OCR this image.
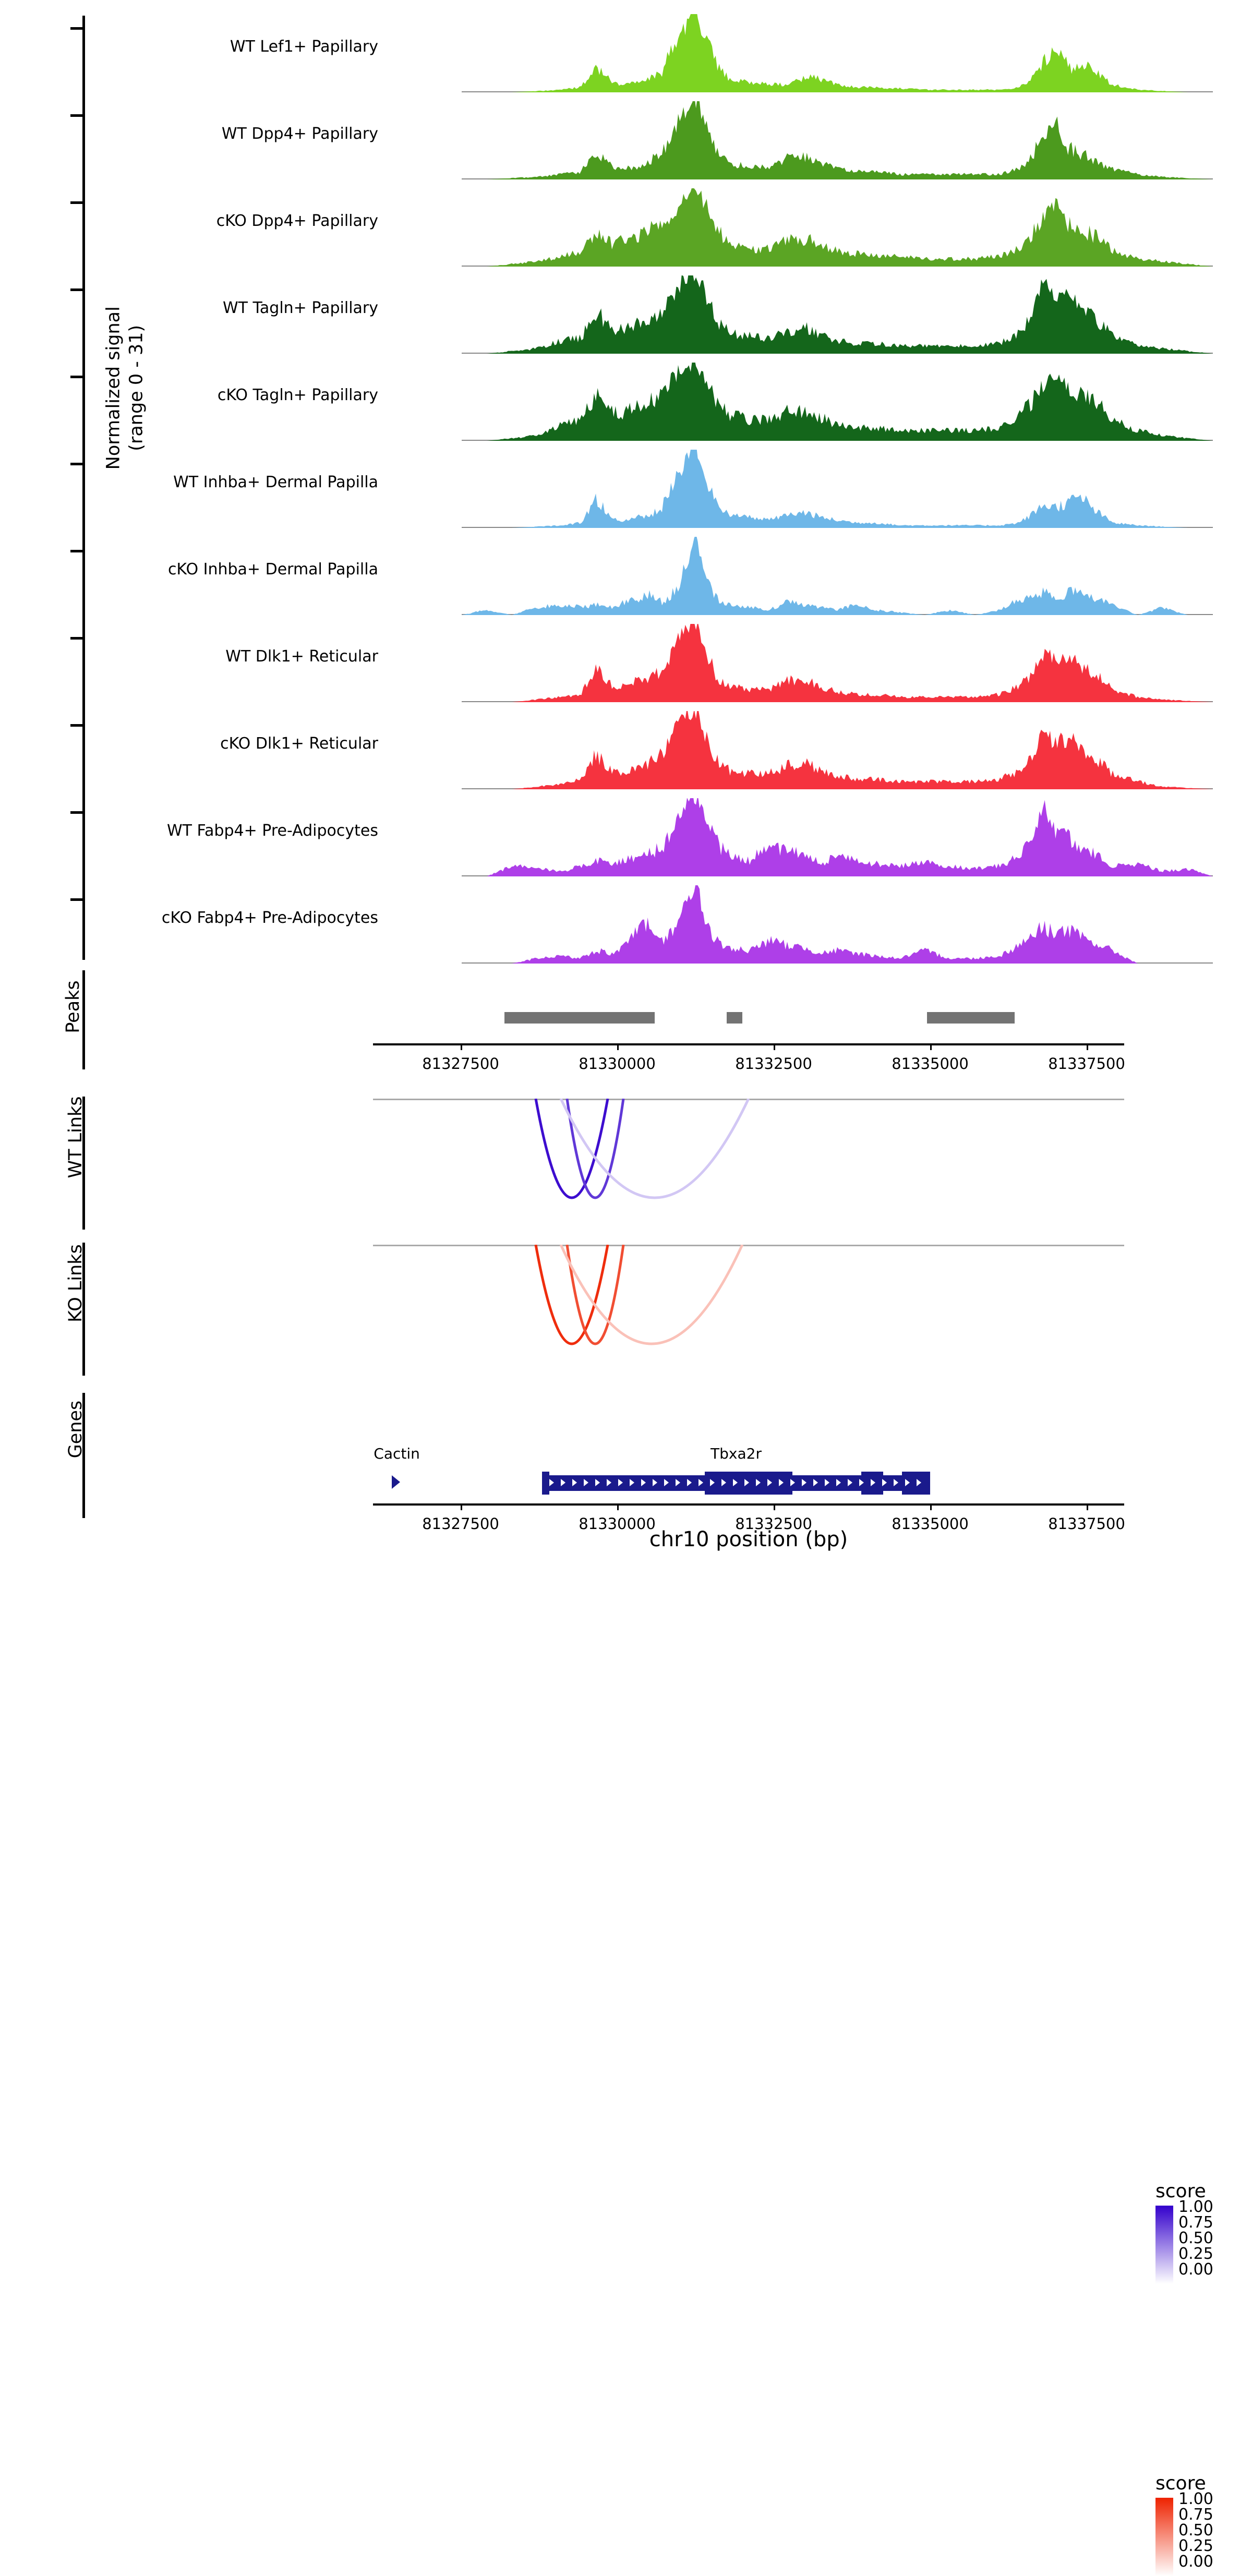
Normalized signal (range 0 - 31)
WT Lef1+ Papillary
WT Dpp4+ Papillary
cKO Dpp4+ Papillary
WT Tagln+ Papillary
cKO Tagln+ Papillary
WT Inhba+ Dermal Papilla
cKO Inhba+ Dermal Papilla
WT Dlk1+ Reticular
cKO Dlk1+ Reticular
WT Fabp4+ Pre-Adipocytes
cKO Fabp4+ Pre-Adipocytes
Peaks
81327500	81330000	81332500	81335000	81337500
WT Links
score
1.00
0.75
0.50
0.25
0.00
KO Links
score
1.00
0.75
0.50
0.25
0.00
Genes	Cactin	Tbxa2r
81327500	81330000	81332500	81335000	81337500
chr10 position (bp)
